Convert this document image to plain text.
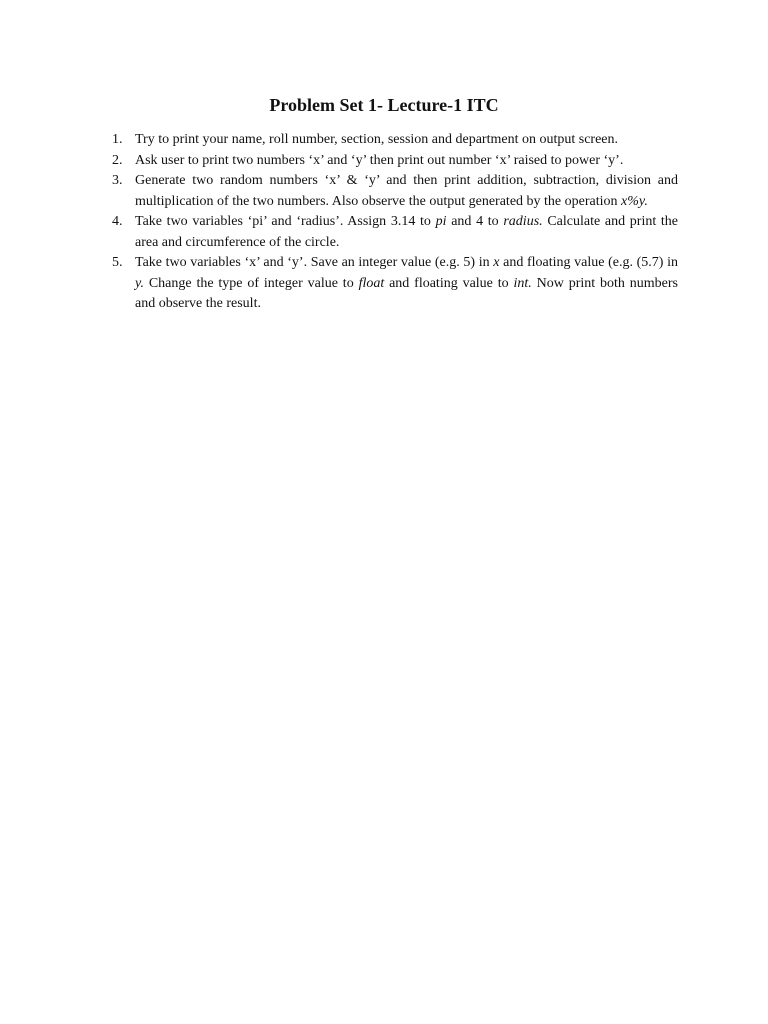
Problem Set 1- Lecture-1 ITC
1. Try to print your name, roll number, section, session and department on output screen.
2. Ask user to print two numbers ‘x’ and ‘y’ then print out number ‘x’ raised to power ‘y’.
3. Generate two random numbers ‘x’ & ‘y’ and then print addition, subtraction, division and multiplication of the two numbers. Also observe the output generated by the operation x%y.
4. Take two variables ‘pi’ and ‘radius’. Assign 3.14 to pi and 4 to radius. Calculate and print the area and circumference of the circle.
5. Take two variables ‘x’ and ‘y’. Save an integer value (e.g. 5) in x and floating value (e.g. (5.7) in y. Change the type of integer value to float and floating value to int. Now print both numbers and observe the result.
